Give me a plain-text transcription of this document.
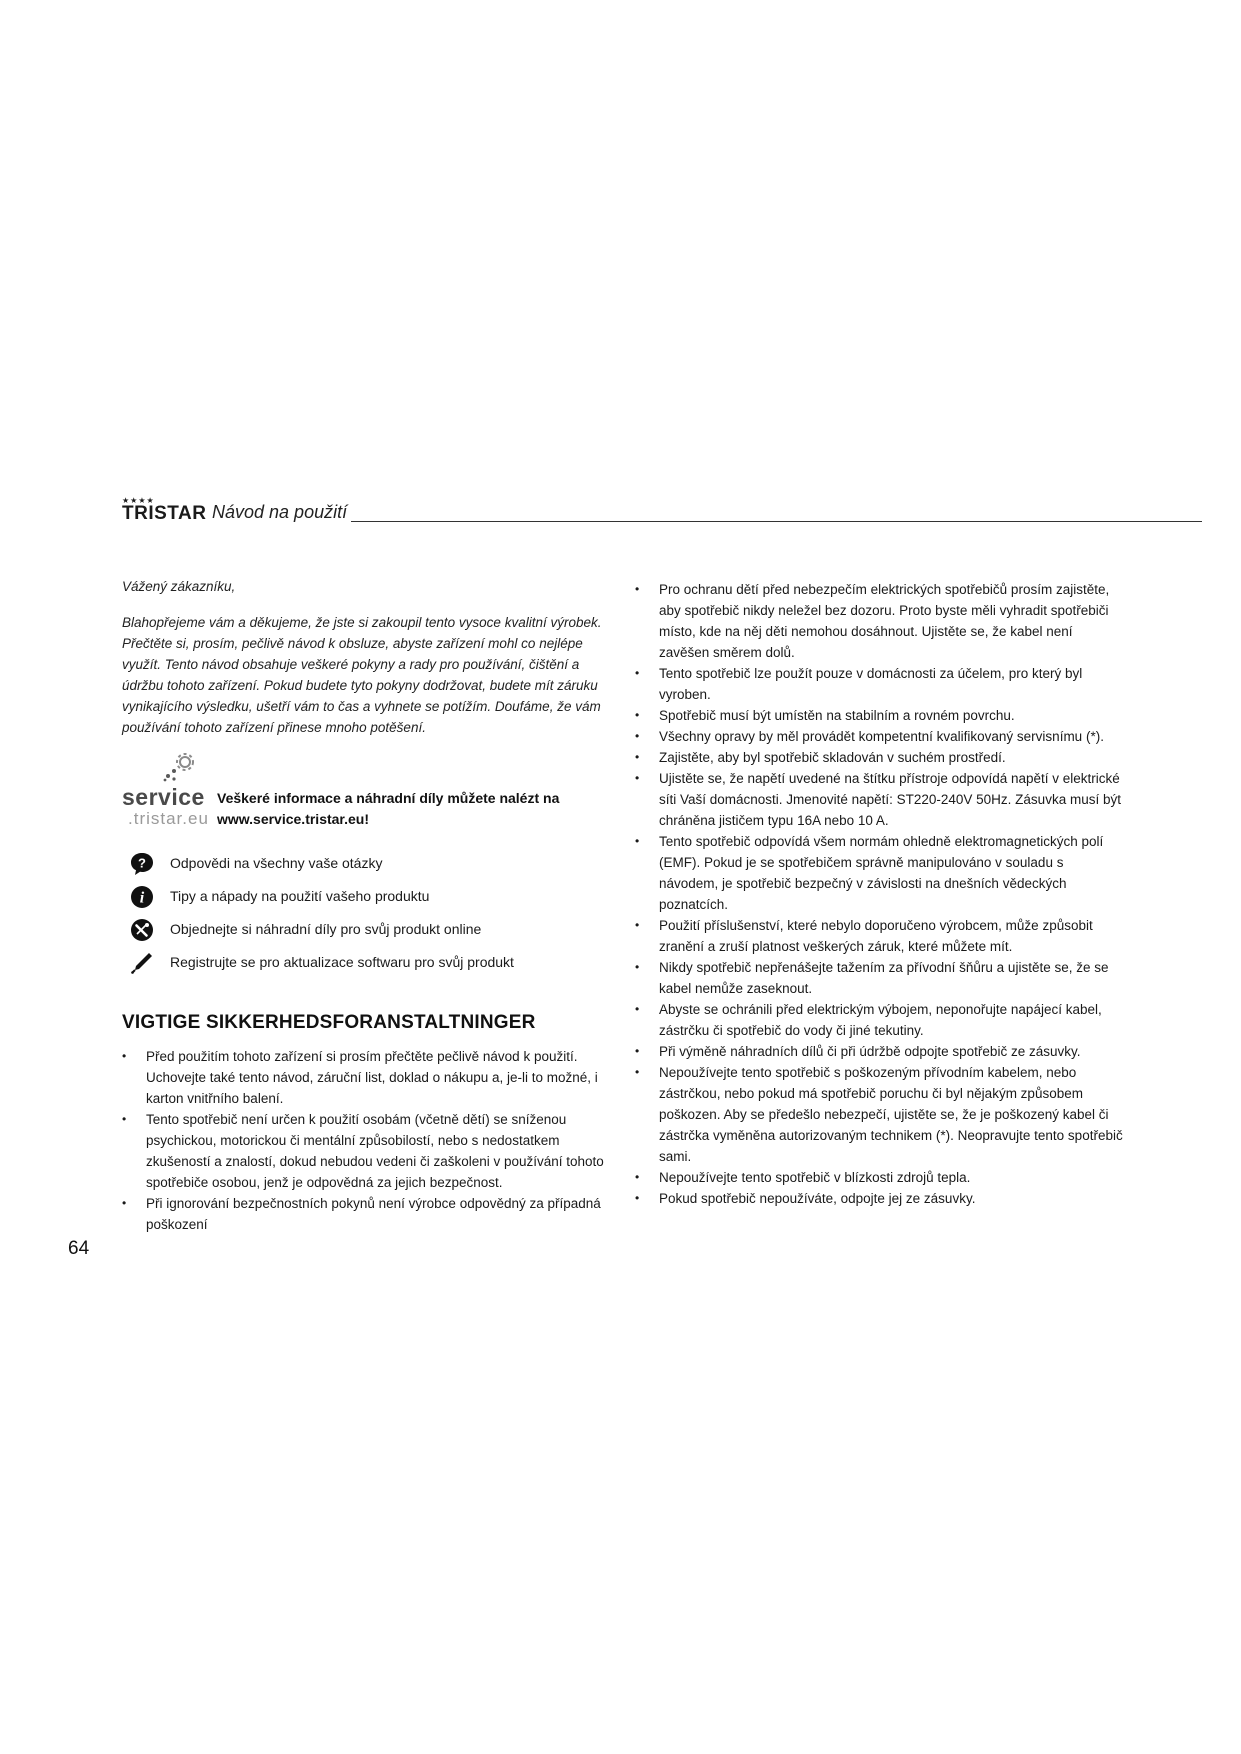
★★★★
TRISTAR Návod na použití

Vážený zákazníku,

Blahopřejeme vám a děkujeme, že jste si zakoupil tento vysoce kvalitní výrobek. Přečtěte si, prosím, pečlivě návod k obsluze, abyste zařízení mohl co nejlépe využít. Tento návod obsahuje veškeré pokyny a rady pro používání, čištění a údržbu tohoto zařízení. Pokud budete tyto pokyny dodržovat, budete mít záruku vynikajícího výsledku, ušetří vám to čas a vyhnete se potížím. Doufáme, že vám používání tohoto zařízení přinese mnoho potěšení.

service
.tristar.eu
Veškeré informace a náhradní díly můžete nalézt na
www.service.tristar.eu!
? Odpovědi na všechny vaše otázky
i Tipy a nápady na použití vašeho produktu
Objednejte si náhradní díly pro svůj produkt online
Registrujte se pro aktualizace softwaru pro svůj produkt
VIGTIGE SIKKERHEDSFORANSTALTNINGER
• Před použitím tohoto zařízení si prosím přečtěte pečlivě návod k použití. Uchovejte také tento návod, záruční list, doklad o nákupu a, je-li to možné, i karton vnitřního balení.
• Tento spotřebič není určen k použití osobám (včetně dětí) se sníženou psychickou, motorickou či mentální způsobilostí, nebo s nedostatkem zkušeností a znalostí, dokud nebudou vedeni či zaškoleni v používání tohoto spotřebiče osobou, jenž je odpovědná za jejich bezpečnost.
• Při ignorování bezpečnostních pokynů není výrobce odpovědný za případná poškození
• Pro ochranu dětí před nebezpečím elektrických spotřebičů prosím zajistěte, aby spotřebič nikdy neležel bez dozoru. Proto byste měli vyhradit spotřebiči místo, kde na něj děti nemohou dosáhnout. Ujistěte se, že kabel není zavěšen směrem dolů.
• Tento spotřebič lze použít pouze v domácnosti za účelem, pro který byl vyroben.
• Spotřebič musí být umístěn na stabilním a rovném povrchu.
• Všechny opravy by měl provádět kompetentní kvalifikovaný servisnímu (*).
• Zajistěte, aby byl spotřebič skladován v suchém prostředí.
• Ujistěte se, že napětí uvedené na štítku přístroje odpovídá napětí v elektrické síti Vaší domácnosti. Jmenovité napětí: ST220-240V 50Hz. Zásuvka musí být chráněna jističem typu 16A nebo 10 A.
• Tento spotřebič odpovídá všem normám ohledně elektromagnetických polí (EMF). Pokud je se spotřebičem správně manipulováno v souladu s návodem, je spotřebič bezpečný v závislosti na dnešních vědeckých poznatcích.
• Použití příslušenství, které nebylo doporučeno výrobcem, může způsobit zranění a zruší platnost veškerých záruk, které můžete mít.
• Nikdy spotřebič nepřenášejte tažením za přívodní šňůru a ujistěte se, že se kabel nemůže zaseknout.
• Abyste se ochránili před elektrickým výbojem, neponořujte napájecí kabel, zástrčku či spotřebič do vody či jiné tekutiny.
• Při výměně náhradních dílů či při údržbě odpojte spotřebič ze zásuvky.
• Nepoužívejte tento spotřebič s poškozeným přívodním kabelem, nebo zástrčkou, nebo pokud má spotřebič poruchu či byl nějakým způsobem poškozen. Aby se předešlo nebezpečí, ujistěte se, že je poškozený kabel či zástrčka vyměněna autorizovaným technikem (*). Neopravujte tento spotřebič sami.
• Nepoužívejte tento spotřebič v blízkosti zdrojů tepla.
• Pokud spotřebič nepoužíváte, odpojte jej ze zásuvky.
64
